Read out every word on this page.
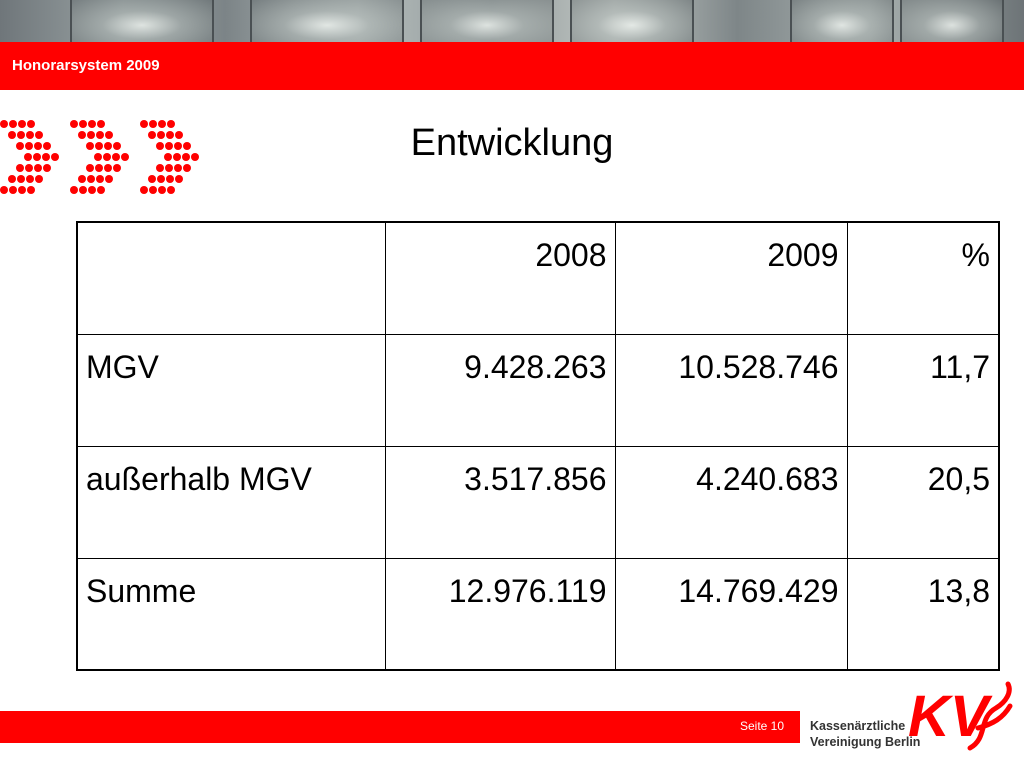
Honorarsystem 2009
Entwicklung
	2008	2009	%
MGV	9.428.263	10.528.746	11,7
außerhalb MGV	3.517.856	4.240.683	20,5
Summe	12.976.119	14.769.429	13,8
Seite 10 Kassenärztliche
Vereinigung Berlin
KV
